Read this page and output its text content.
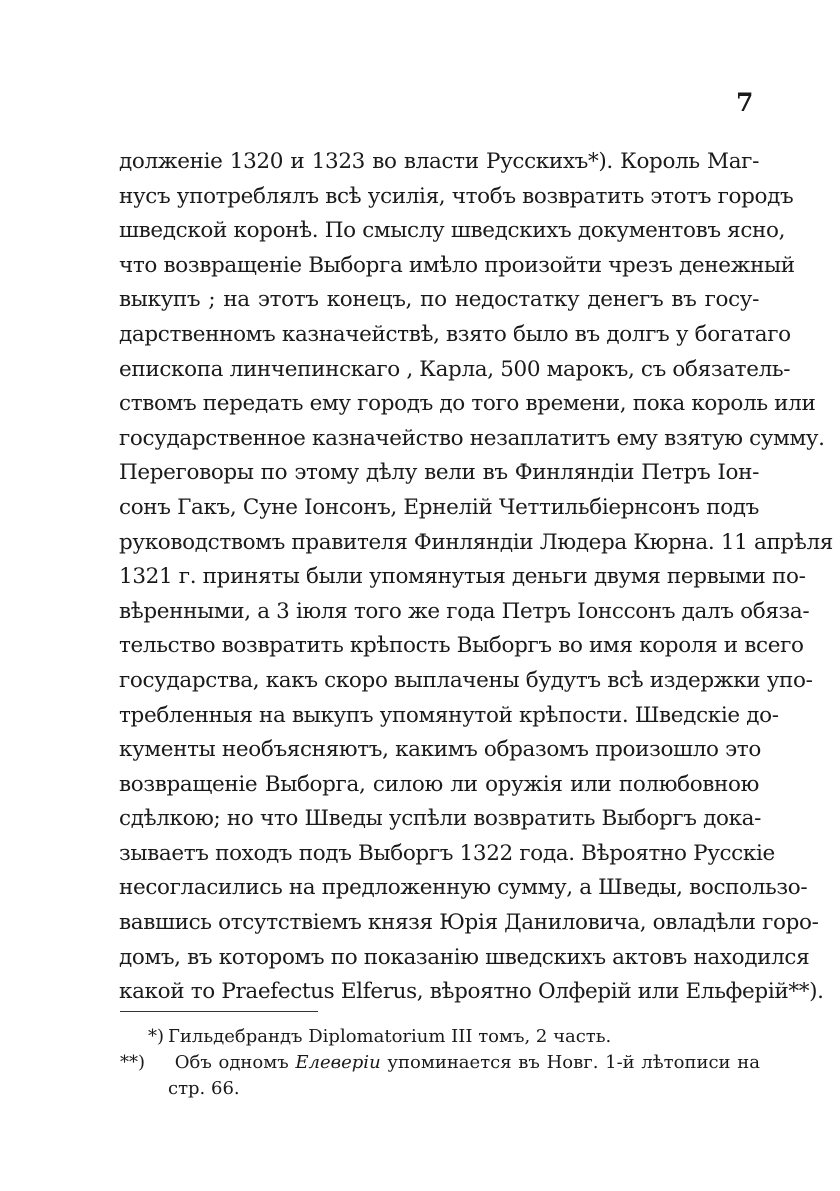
7
долженіе 1320 и 1323 во власти Русскихъ*). Король Маг-
нусъ употреблялъ всѣ усилія, чтобъ возвратить этотъ городъ
шведской коронѣ. По смыслу шведскихъ документовъ ясно,
что возвращеніе Выборга имѣло произойти чрезъ денежный
выкупъ ; на этотъ конецъ, по недостатку денегъ въ госу-
дарственномъ казначействѣ, взято было въ долгъ у богатаго
епископа линчепинскаго , Карла, 500 марокъ, съ обязатель-
ствомъ передать ему городъ до того времени, пока король или
государственное казначейство незаплатитъ ему взятую сумму.
Переговоры по этому дѣлу вели въ Финляндіи Петръ Іон-
сонъ Гакъ, Суне Іонсонъ, Ернелій Четтильбіернсонъ подъ
руководствомъ правителя Финляндіи Людера Кюрна. 11 апрѣля
1321 г. приняты были упомянутыя деньги двумя первыми по-
вѣренными, а 3 іюля того же года Петръ Іонссонъ далъ обяза-
тельство возвратить крѣпость Выборгъ во имя короля и всего
государства, какъ скоро выплачены будутъ всѣ издержки упо-
требленныя на выкупъ упомянутой крѣпости. Шведскіе до-
кументы необъясняютъ, какимъ образомъ произошло это
возвращеніе Выборга, силою ли оружія или полюбовною
сдѣлкою; но что Шведы успѣли возвратить Выборгъ дока-
зываетъ походъ подъ Выборгъ 1322 года. Вѣроятно Русскіе
несогласились на предложенную сумму, а Шведы, воспользо-
вавшись отсутствіемъ князя Юрія Даниловича, овладѣли горо-
домъ, въ которомъ по показанію шведскихъ актовъ находился
какой то Praefectus Elferus, вѣроятно Олферій или Ельферій**).
*) Гильдебрандъ Diplomatorium III томъ, 2 часть.
**) Объ одномъ Елеверіи упоминается въ Новг. 1-й лѣтописи на
стр. 66.
